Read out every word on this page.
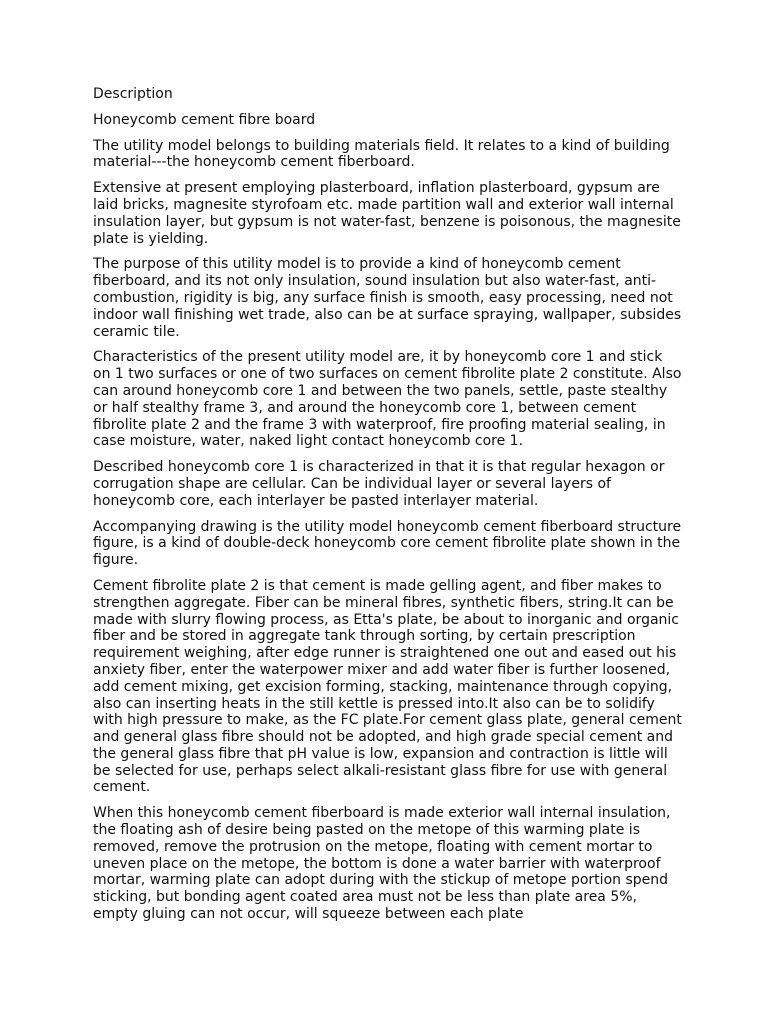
Description

Honeycomb cement fibre board

The utility model belongs to building materials field. It relates to a kind of building material---the honeycomb cement fiberboard.

Extensive at present employing plasterboard, inflation plasterboard, gypsum are laid bricks, magnesite styrofoam etc. made partition wall and exterior wall internal insulation layer, but gypsum is not water-fast, benzene is poisonous, the magnesite plate is yielding.

The purpose of this utility model is to provide a kind of honeycomb cement fiberboard, and its not only insulation, sound insulation but also water-fast, anti-combustion, rigidity is big, any surface finish is smooth, easy processing, need not indoor wall finishing wet trade, also can be at surface spraying, wallpaper, subsides ceramic tile.

Characteristics of the present utility model are, it by honeycomb core 1 and stick on 1 two surfaces or one of two surfaces on cement fibrolite plate 2 constitute. Also can around honeycomb core 1 and between the two panels, settle, paste stealthy or half stealthy frame 3, and around the honeycomb core 1, between cement fibrolite plate 2 and the frame 3 with waterproof, fire proofing material sealing, in case moisture, water, naked light contact honeycomb core 1.

Described honeycomb core 1 is characterized in that it is that regular hexagon or corrugation shape are cellular. Can be individual layer or several layers of honeycomb core, each interlayer be pasted interlayer material.

Accompanying drawing is the utility model honeycomb cement fiberboard structure figure, is a kind of double-deck honeycomb core cement fibrolite plate shown in the figure.

Cement fibrolite plate 2 is that cement is made gelling agent, and fiber makes to strengthen aggregate. Fiber can be mineral fibres, synthetic fibers, string.It can be made with slurry flowing process, as Etta's plate, be about to inorganic and organic fiber and be stored in aggregate tank through sorting, by certain prescription requirement weighing, after edge runner is straightened one out and eased out his anxiety fiber, enter the waterpower mixer and add water fiber is further loosened, add cement mixing, get excision forming, stacking, maintenance through copying, also can inserting heats in the still kettle is pressed into.It also can be to solidify with high pressure to make, as the FC plate.For cement glass plate, general cement and general glass fibre should not be adopted, and high grade special cement and the general glass fibre that pH value is low, expansion and contraction is little will be selected for use, perhaps select alkali-resistant glass fibre for use with general cement.

When this honeycomb cement fiberboard is made exterior wall internal insulation, the floating ash of desire being pasted on the metope of this warming plate is removed, remove the protrusion on the metope, floating with cement mortar to uneven place on the metope, the bottom is done a water barrier with waterproof mortar, warming plate can adopt during with the stickup of metope portion spend sticking, but bonding agent coated area must not be less than plate area 5%, empty gluing can not occur, will squeeze between each plate
